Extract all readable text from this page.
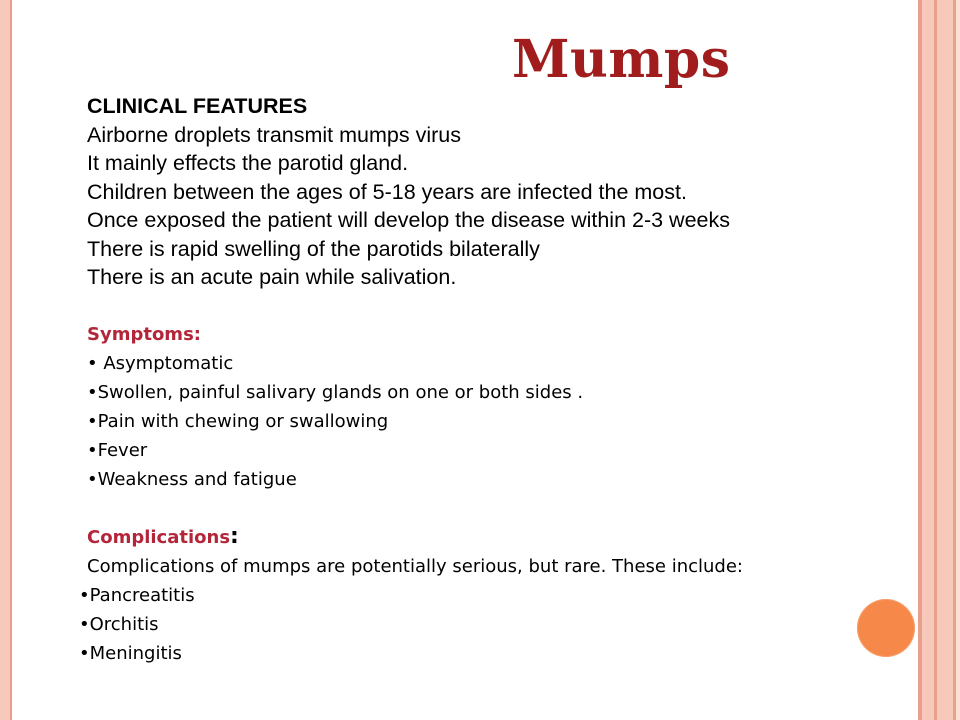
Mumps
CLINICAL FEATURES
Airborne droplets transmit mumps virus
It mainly effects the parotid gland.
Children between the ages of 5-18 years are infected the most.
Once exposed the patient will develop the disease within 2-3 weeks
There is rapid swelling of the parotids bilaterally
There is an acute pain while salivation.
Symptoms:
• Asymptomatic
•Swollen, painful salivary glands on one or both sides .
•Pain with chewing or swallowing
•Fever
•Weakness and fatigue
Complications:
Complications of mumps are potentially serious, but rare. These include:
•Pancreatitis
•Orchitis
•Meningitis
